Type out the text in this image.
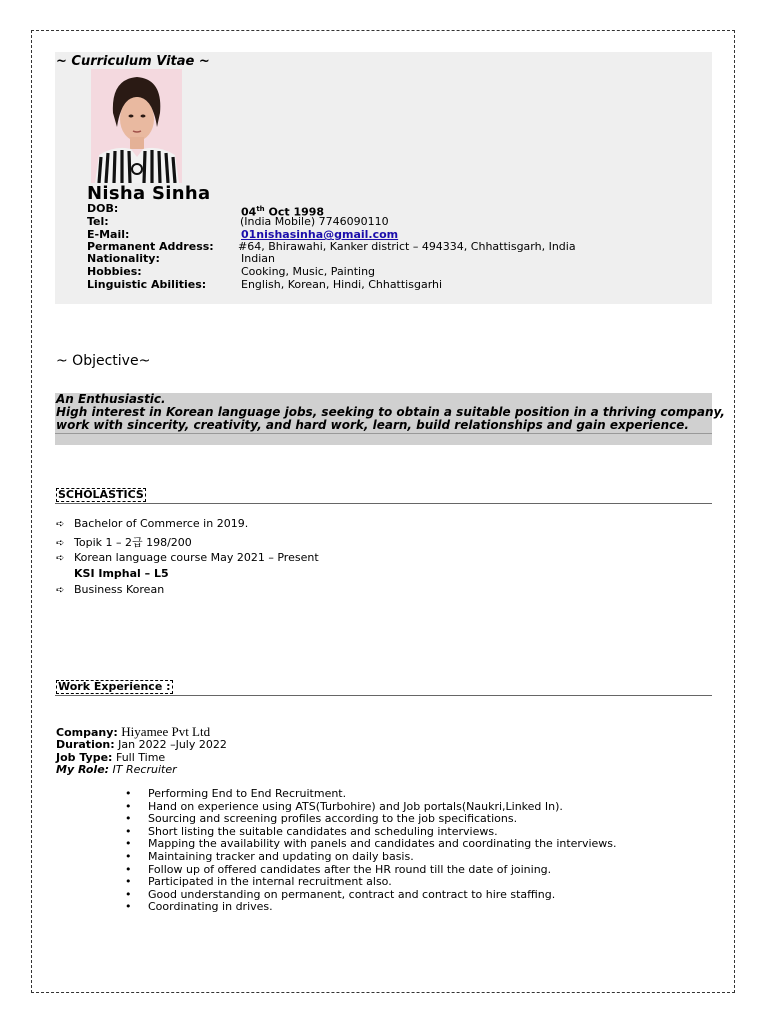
~ Curriculum Vitae ~
Nisha Sinha
DOB:	04th Oct 1998
Tel:	(India Mobile) 7746090110
E-Mail:	01nishasinha@gmail.com
Permanent Address: #64, Bhirawahi, Kanker district – 494334, Chhattisgarh, India
Nationality:	Indian
Hobbies:	Cooking, Music, Painting
Linguistic Abilities:	English, Korean, Hindi, Chhattisgarhi
~ Objective~
An Enthusiastic.
High interest in Korean language jobs, seeking to obtain a suitable position in a thriving company,
work with sincerity, creativity, and hard work, learn, build relationships and gain experience.
SCHOLASTICS
➪ Bachelor of Commerce in 2019.
➪ Topik 1 – 2급 198/200
➪ Korean language course May 2021 – Present
KSI Imphal – L5
➪ Business Korean
Work Experience :
Company: Hiyamee Pvt Ltd
Duration: Jan 2022 –July 2022
Job Type: Full Time
My Role: IT Recruiter
• Performing End to End Recruitment.
• Hand on experience using ATS(Turbohire) and Job portals(Naukri,Linked In).
• Sourcing and screening profiles according to the job specifications.
• Short listing the suitable candidates and scheduling interviews.
• Mapping the availability with panels and candidates and coordinating the interviews.
• Maintaining tracker and updating on daily basis.
• Follow up of offered candidates after the HR round till the date of joining.
• Participated in the internal recruitment also.
• Good understanding on permanent, contract and contract to hire staffing.
• Coordinating in drives.
